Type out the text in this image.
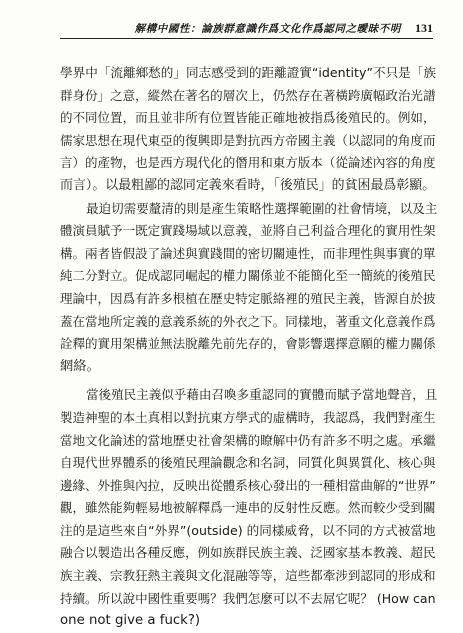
解構中國性：論族群意識作爲文化作爲認同之曖昧不明 131
學界中「流離鄉愁的」同志感受到的距離證實“identity”不只是「族
群身份」之意，縱然在著名的層次上，仍然存在著橫跨廣幅政治光譜
的不同位置，而且並非所有位置皆能正確地被指爲後殖民的。例如，
儒家思想在現代東亞的復興即是對抗西方帝國主義（以認同的角度而
言）的產物，也是西方現代化的僭用和東方版本（從論述內容的角度
而言）。以最粗鄙的認同定義來看時，「後殖民」的貧困最爲彰顯。
最迫切需要釐清的則是產生策略性選擇範圍的社會情境，以及主
體演員賦予一既定實踐場域以意義，並將自己利益合理化的實用性架
構。兩者皆假設了論述與實踐間的密切關連性，而非理性與事實的單
純二分對立。促成認同崛起的權力關係並不能簡化至一簡統的後殖民
理論中，因爲有許多根植在歷史特定脈絡裡的殖民主義，皆源自於披
蓋在當地所定義的意義系統的外衣之下。同樣地，著重文化意義作爲
詮釋的實用架構並無法脫離先前先存的，會影響選擇意願的權力關係
網絡。
當後殖民主義似乎藉由召喚多重認同的實體而賦予當地聲音，且
製造神聖的本土真相以對抗東方學式的虛構時，我認爲，我們對產生
當地文化論述的當地歷史社會架構的瞭解中仍有許多不明之處。承繼
自現代世界體系的後殖民理論觀念和名詞，同質化與異質化、核心與
邊緣、外推與內拉，反映出從體系核心發出的一種相當曲解的“世界”
觀，雖然能夠輕易地被解釋爲一連串的反射性反應。然而較少受到關
注的是這些來自“外界”(outside) 的同樣威脅，以不同的方式被當地
融合以製造出各種反應，例如族群民族主義、泛國家基本教義、超民
族主義、宗教狂熱主義與文化混融等等，這些都牽涉到認同的形成和
持續。所以說中國性重要嗎？我們怎麼可以不去屌它呢？ (How can
one not give a fuck?)
